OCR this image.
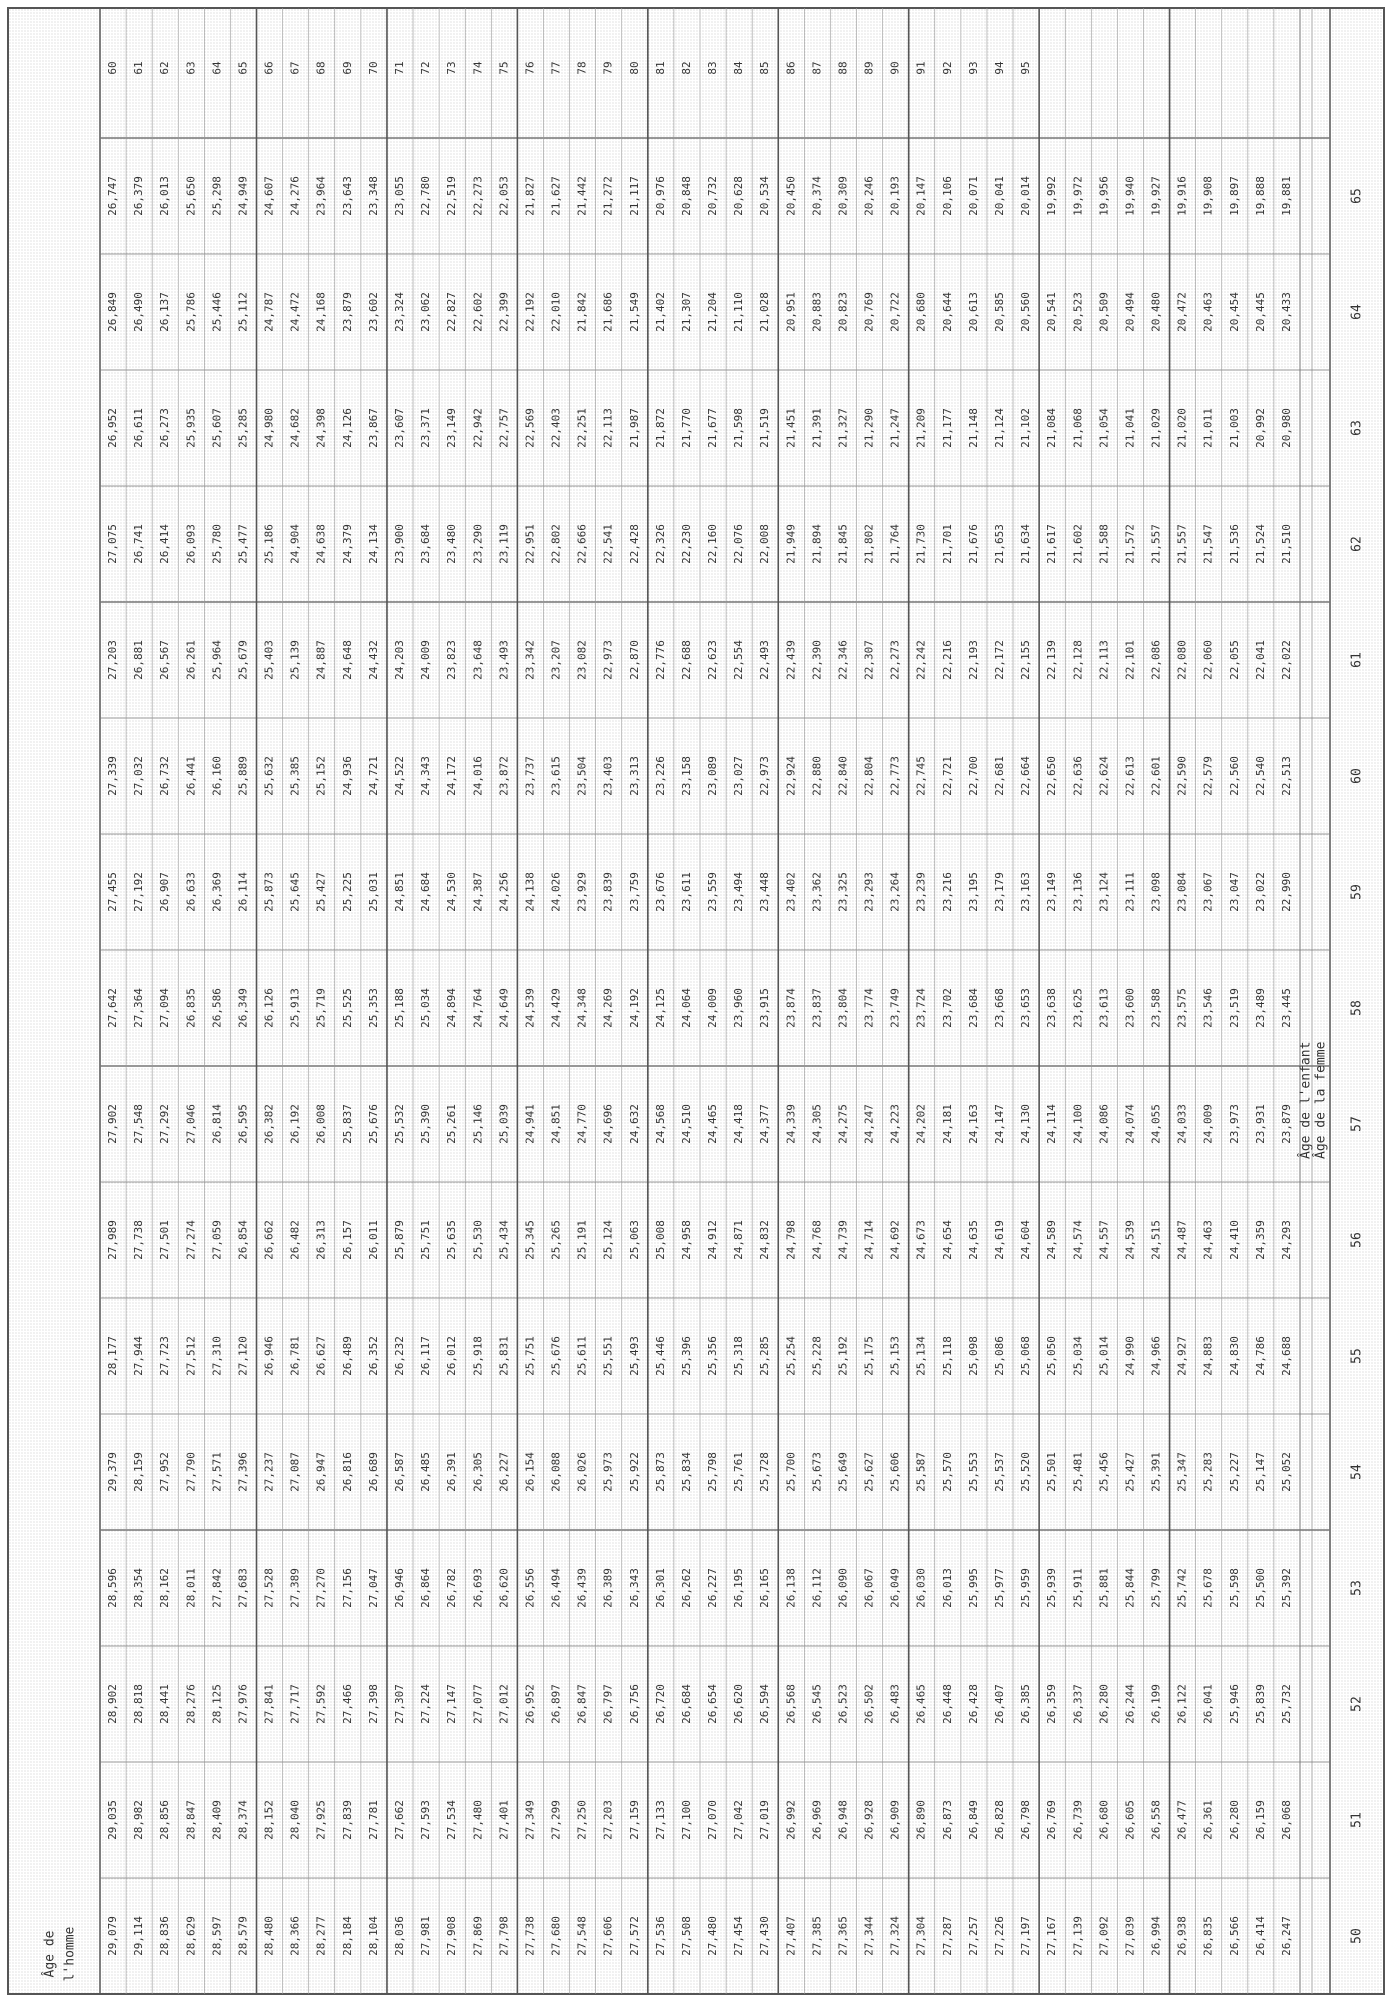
60 61 62 63 64 65 66 67 68 69 70 71 72 73 74 75 76 77 78 79 80 81 82 83 84 85 86 87 88 89 90 91 92 93 94 95
29,079
29,035
28,902
28,596
29,379
28,177
27,989
27,902
27,642
27,455
27,339
27,203
27,075
26,952
26,849
26,747
29,114
28,982
28,818
28,354
28,159
27,944
27,738
27,548
27,364
27,192
27,032
26,881
26,741
26,611
26,490
26,379
28,836
28,856
28,441
28,162
27,952
27,723
27,501
27,292
27,094
26,907
26,732
26,567
26,414
26,273
26,137
26,013
28,629
28,847
28,276
28,011
27,790
27,512
27,274
27,046
26,835
26,633
26,441
26,261
26,093
25,935
25,786
25,650
28,597
28,409
28,125
27,842
27,571
27,310
27,059
26,814
26,586
26,369
26,160
25,964
25,780
25,607
25,446
25,298
28,579
28,374
27,976
27,683
27,396
27,120
26,854
26,595
26,349
26,114
25,889
25,679
25,477
25,285
25,112
24,949
28,480
28,152
27,841
27,528
27,237
26,946
26,662
26,382
26,126
25,873
25,632
25,403
25,186
24,980
24,787
24,607
28,366
28,040
27,717
27,389
27,087
26,781
26,482
26,192
25,913
25,645
25,385
25,139
24,904
24,682
24,472
24,276
28,277
27,925
27,592
27,270
26,947
26,627
26,313
26,008
25,719
25,427
25,152
24,887
24,638
24,398
24,168
23,964
28,184
27,839
27,466
27,156
26,816
26,489
26,157
25,837
25,525
25,225
24,936
24,648
24,379
24,126
23,879
23,643
28,104
27,781
27,398
27,047
26,689
26,352
26,011
25,676
25,353
25,031
24,721
24,432
24,134
23,867
23,602
23,348
28,036
27,662
27,307
26,946
26,587
26,232
25,879
25,532
25,188
24,851
24,522
24,203
23,900
23,607
23,324
23,055
27,981
27,593
27,224
26,864
26,485
26,117
25,751
25,390
25,034
24,684
24,343
24,009
23,684
23,371
23,062
22,780
27,908
27,534
27,147
26,782
26,391
26,012
25,635
25,261
24,894
24,530
24,172
23,823
23,480
23,149
22,827
22,519
27,869
27,480
27,077
26,693
26,305
25,918
25,530
25,146
24,764
24,387
24,016
23,648
23,290
22,942
22,602
22,273
27,798
27,401
27,012
26,620
26,227
25,831
25,434
25,039
24,649
24,256
23,872
23,493
23,119
22,757
22,399
22,053
27,738
27,349
26,952
26,556
26,154
25,751
25,345
24,941
24,539
24,138
23,737
23,342
22,951
22,569
22,192
21,827
27,680
27,299
26,897
26,494
26,088
25,676
25,265
24,851
24,429
24,026
23,615
23,207
22,802
22,403
22,010
21,627
27,548
27,250
26,847
26,439
26,026
25,611
25,191
24,770
24,348
23,929
23,504
23,082
22,666
22,251
21,842
21,442
27,606
27,203
26,797
26,389
25,973
25,551
25,124
24,696
24,269
23,839
23,403
22,973
22,541
22,113
21,686
21,272
27,572
27,159
26,756
26,343
25,922
25,493
25,063
24,632
24,192
23,759
23,313
22,870
22,428
21,987
21,549
21,117
27,536
27,133
26,720
26,301
25,873
25,446
25,008
24,568
24,125
23,676
23,226
22,776
22,326
21,872
21,402
20,976
27,508
27,100
26,684
26,262
25,834
25,396
24,958
24,510
24,064
23,611
23,158
22,688
22,230
21,770
21,307
20,848
27,480
27,070
26,654
26,227
25,798
25,356
24,912
24,465
24,009
23,559
23,089
22,623
22,160
21,677
21,204
20,732
27,454
27,042
26,620
26,195
25,761
25,318
24,871
24,418
23,960
23,494
23,027
22,554
22,076
21,598
21,110
20,628
27,430
27,019
26,594
26,165
25,728
25,285
24,832
24,377
23,915
23,448
22,973
22,493
22,008
21,519
21,028
20,534
27,407
26,992
26,568
26,138
25,700
25,254
24,798
24,339
23,874
23,402
22,924
22,439
21,949
21,451
20,951
20,450
27,385
26,969
26,545
26,112
25,673
25,228
24,768
24,305
23,837
23,362
22,880
22,390
21,894
21,391
20,883
20,374
27,365
26,948
26,523
26,090
25,649
25,192
24,739
24,275
23,804
23,325
22,840
22,346
21,845
21,327
20,823
20,309
27,344
26,928
26,502
26,067
25,627
25,175
24,714
24,247
23,774
23,293
22,804
22,307
21,802
21,290
20,769
20,246
27,324
26,909
26,483
26,049
25,606
25,153
24,692
24,223
23,749
23,264
22,773
22,273
21,764
21,247
20,722
20,193
27,304
26,890
26,465
26,030
25,587
25,134
24,673
24,202
23,724
23,239
22,745
22,242
21,730
21,209
20,680
20,147
27,287
26,873
26,448
26,013
25,570
25,118
24,654
24,181
23,702
23,216
22,721
22,216
21,701
21,177
20,644
20,106
27,257
26,849
26,428
25,995
25,553
25,098
24,635
24,163
23,684
23,195
22,700
22,193
21,676
21,148
20,613
20,071
27,226
26,828
26,407
25,977
25,537
25,086
24,619
24,147
23,668
23,179
22,681
22,172
21,653
21,124
20,585
20,041
27,197
26,798
26,385
25,959
25,520
25,068
24,604
24,130
23,653
23,163
22,664
22,155
21,634
21,102
20,560
20,014
27,167
26,769
26,359
25,939
25,501
25,050
24,589
24,114
23,638
23,149
22,650
22,139
21,617
21,084
20,541
19,992
27,139
26,739
26,337
25,911
25,481
25,034
24,574
24,100
23,625
23,136
22,636
22,128
21,602
21,068
20,523
19,972
27,092
26,680
26,280
25,881
25,456
25,014
24,557
24,086
23,613
23,124
22,624
22,113
21,588
21,054
20,509
19,956
27,039
26,605
26,244
25,844
25,427
24,990
24,539
24,074
23,600
23,111
22,613
22,101
21,572
21,041
20,494
19,940
26,994
26,558
26,199
25,799
25,391
24,966
24,515
24,055
23,588
23,098
22,601
22,086
21,557
21,029
20,480
19,927
26,938
26,477
26,122
25,742
25,347
24,927
24,487
24,033
23,575
23,084
22,590
22,080
21,557
21,020
20,472
19,916
26,835
26,361
26,041
25,678
25,283
24,883
24,463
24,009
23,546
23,067
22,579
22,060
21,547
21,011
20,463
19,908
26,566
26,280
25,946
25,598
25,227
24,830
24,410
23,973
23,519
23,047
22,560
22,055
21,536
21,003
20,454
19,897
26,414
26,159
25,839
25,500
25,147
24,786
24,359
23,931
23,489
23,022
22,540
22,041
21,524
20,992
20,445
19,888
26,247
26,068
25,732
25,392
25,052
24,688
24,293
23,879
23,445
22,990
22,513
22,022
21,510
20,980
20,433
19,881
50
51
52
53
54
55
56
57
58
59
60
61
62
63
64
65
Âge de la femme
Âge de l'enfant
Âge de l'homme
